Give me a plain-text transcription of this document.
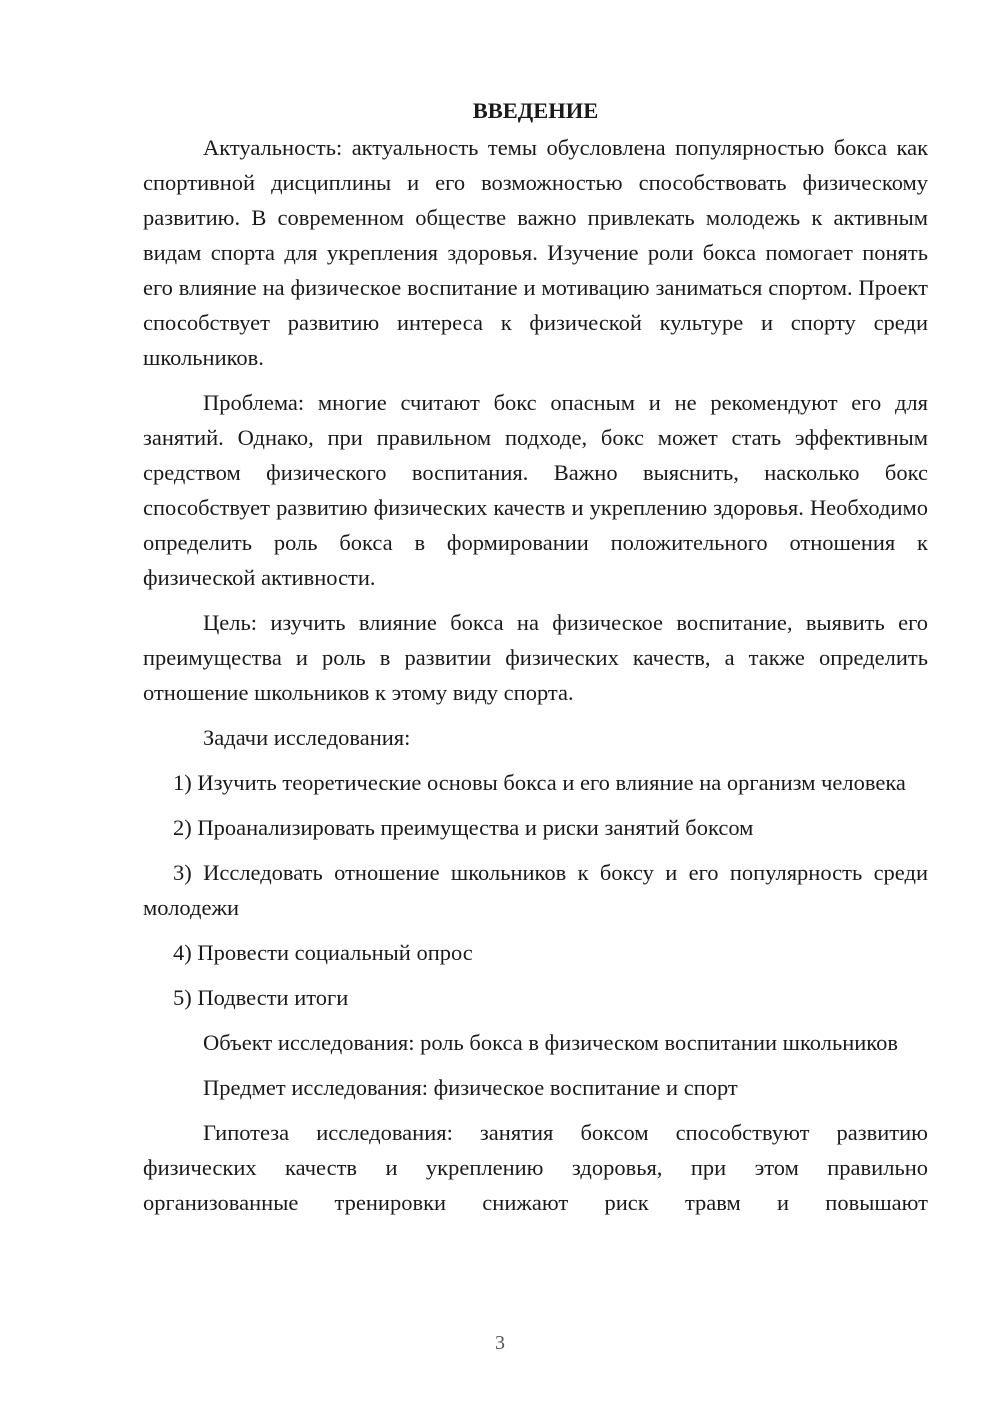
ВВЕДЕНИЕ

Актуальность: актуальность темы обусловлена популярностью бокса как спортивной дисциплины и его возможностью способствовать физическому развитию. В современном обществе важно привлекать молодежь к активным видам спорта для укрепления здоровья. Изучение роли бокса помогает понять его влияние на физическое воспитание и мотивацию заниматься спортом. Проект способствует развитию интереса к физической культуре и спорту среди школьников.

Проблема: многие считают бокс опасным и не рекомендуют его для занятий. Однако, при правильном подходе, бокс может стать эффективным средством физического воспитания. Важно выяснить, насколько бокс способствует развитию физических качеств и укреплению здоровья. Необходимо определить роль бокса в формировании положительного отношения к физической активности.

Цель: изучить влияние бокса на физическое воспитание, выявить его преимущества и роль в развитии физических качеств, а также определить отношение школьников к этому виду спорта.

Задачи исследования:

1) Изучить теоретические основы бокса и его влияние на организм человека

2) Проанализировать преимущества и риски занятий боксом

3) Исследовать отношение школьников к боксу и его популярность среди молодежи

4) Провести социальный опрос

5) Подвести итоги

Объект исследования: роль бокса в физическом воспитании школьников

Предмет исследования: физическое воспитание и спорт

Гипотеза исследования: занятия боксом способствуют развитию физических качеств и укреплению здоровья, при этом правильно организованные тренировки снижают риск травм и повышают

3
